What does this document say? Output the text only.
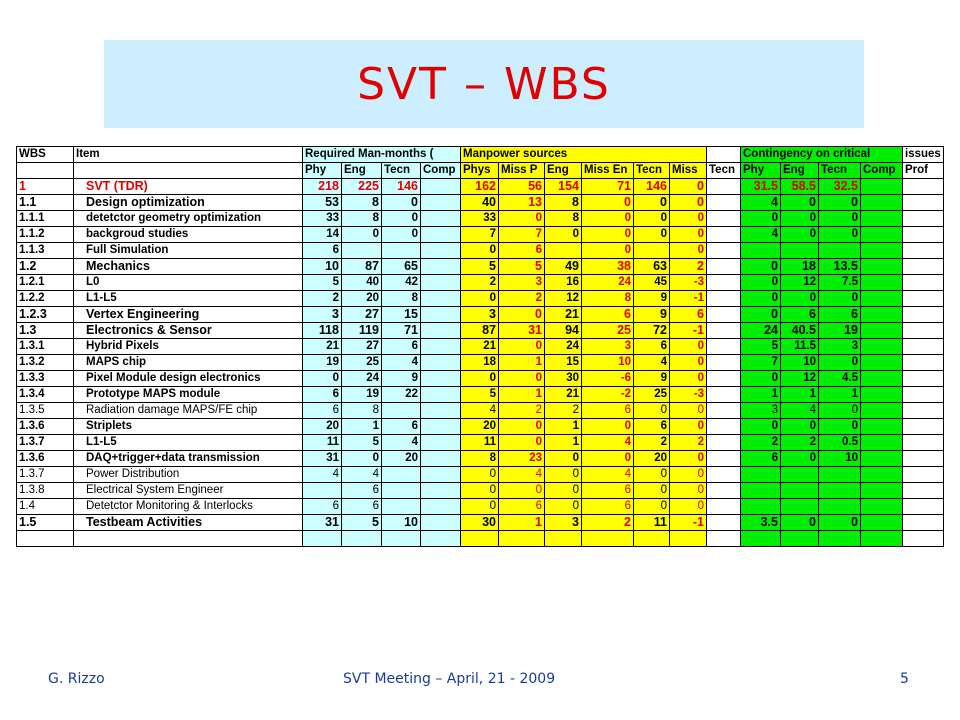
SVT – WBS
WBS	Item	Required Man-months (				Manpower sources							Contingency on critical				issues
		Phy	Eng	Tecn	Comp	Phys	Miss P	Eng	Miss En	Tecn	Miss	Tecn	Phy	Eng	Tecn	Comp	Prof
1	SVT (TDR)	218	225	146		162	56	154	71	146	0		31.5	58.5	32.5		
1.1	Design optimization	53	8	0		40	13	8	0	0	0		4	0	0		
1.1.1	detetctor geometry optimization	33	8	0		33	0	8	0	0	0		0	0	0		
1.1.2	backgroud studies	14	0	0		7	7	0	0	0	0		4	0	0		
1.1.3	Full Simulation	6				0	6		0		0						
1.2	Mechanics	10	87	65		5	5	49	38	63	2		0	18	13.5		
1.2.1	L0	5	40	42		2	3	16	24	45	-3		0	12	7.5		
1.2.2	L1-L5	2	20	8		0	2	12	8	9	-1		0	0	0		
1.2.3	Vertex Engineering	3	27	15		3	0	21	6	9	6		0	6	6		
1.3	Electronics & Sensor	118	119	71		87	31	94	25	72	-1		24	40.5	19		
1.3.1	Hybrid Pixels	21	27	6		21	0	24	3	6	0		5	11.5	3		
1.3.2	MAPS chip	19	25	4		18	1	15	10	4	0		7	10	0		
1.3.3	Pixel Module design electronics	0	24	9		0	0	30	-6	9	0		0	12	4.5		
1.3.4	Prototype MAPS module	6	19	22		5	1	21	-2	25	-3		1	1	1		
1.3.5	Radiation damage MAPS/FE chip	6	8			4	2	2	6	0	0		3	4	0		
1.3.6	Striplets	20	1	6		20	0	1	0	6	0		0	0	0		
1.3.7	L1-L5	11	5	4		11	0	1	4	2	2		2	2	0.5		
1.3.6	DAQ+trigger+data transmission	31	0	20		8	23	0	0	20	0		6	0	10		
1.3.7	Power Distribution	4	4			0	4	0	4	0	0						
1.3.8	Electrical System Engineer		6			0	0	0	6	0	0						
1.4	Detetctor Monitoring & Interlocks	6	6			0	6	0	6	0	0						
1.5	Testbeam Activities	31	5	10		30	1	3	2	11	-1		3.5	0	0		

G. Rizzo	SVT Meeting – April, 21 - 2009	5
